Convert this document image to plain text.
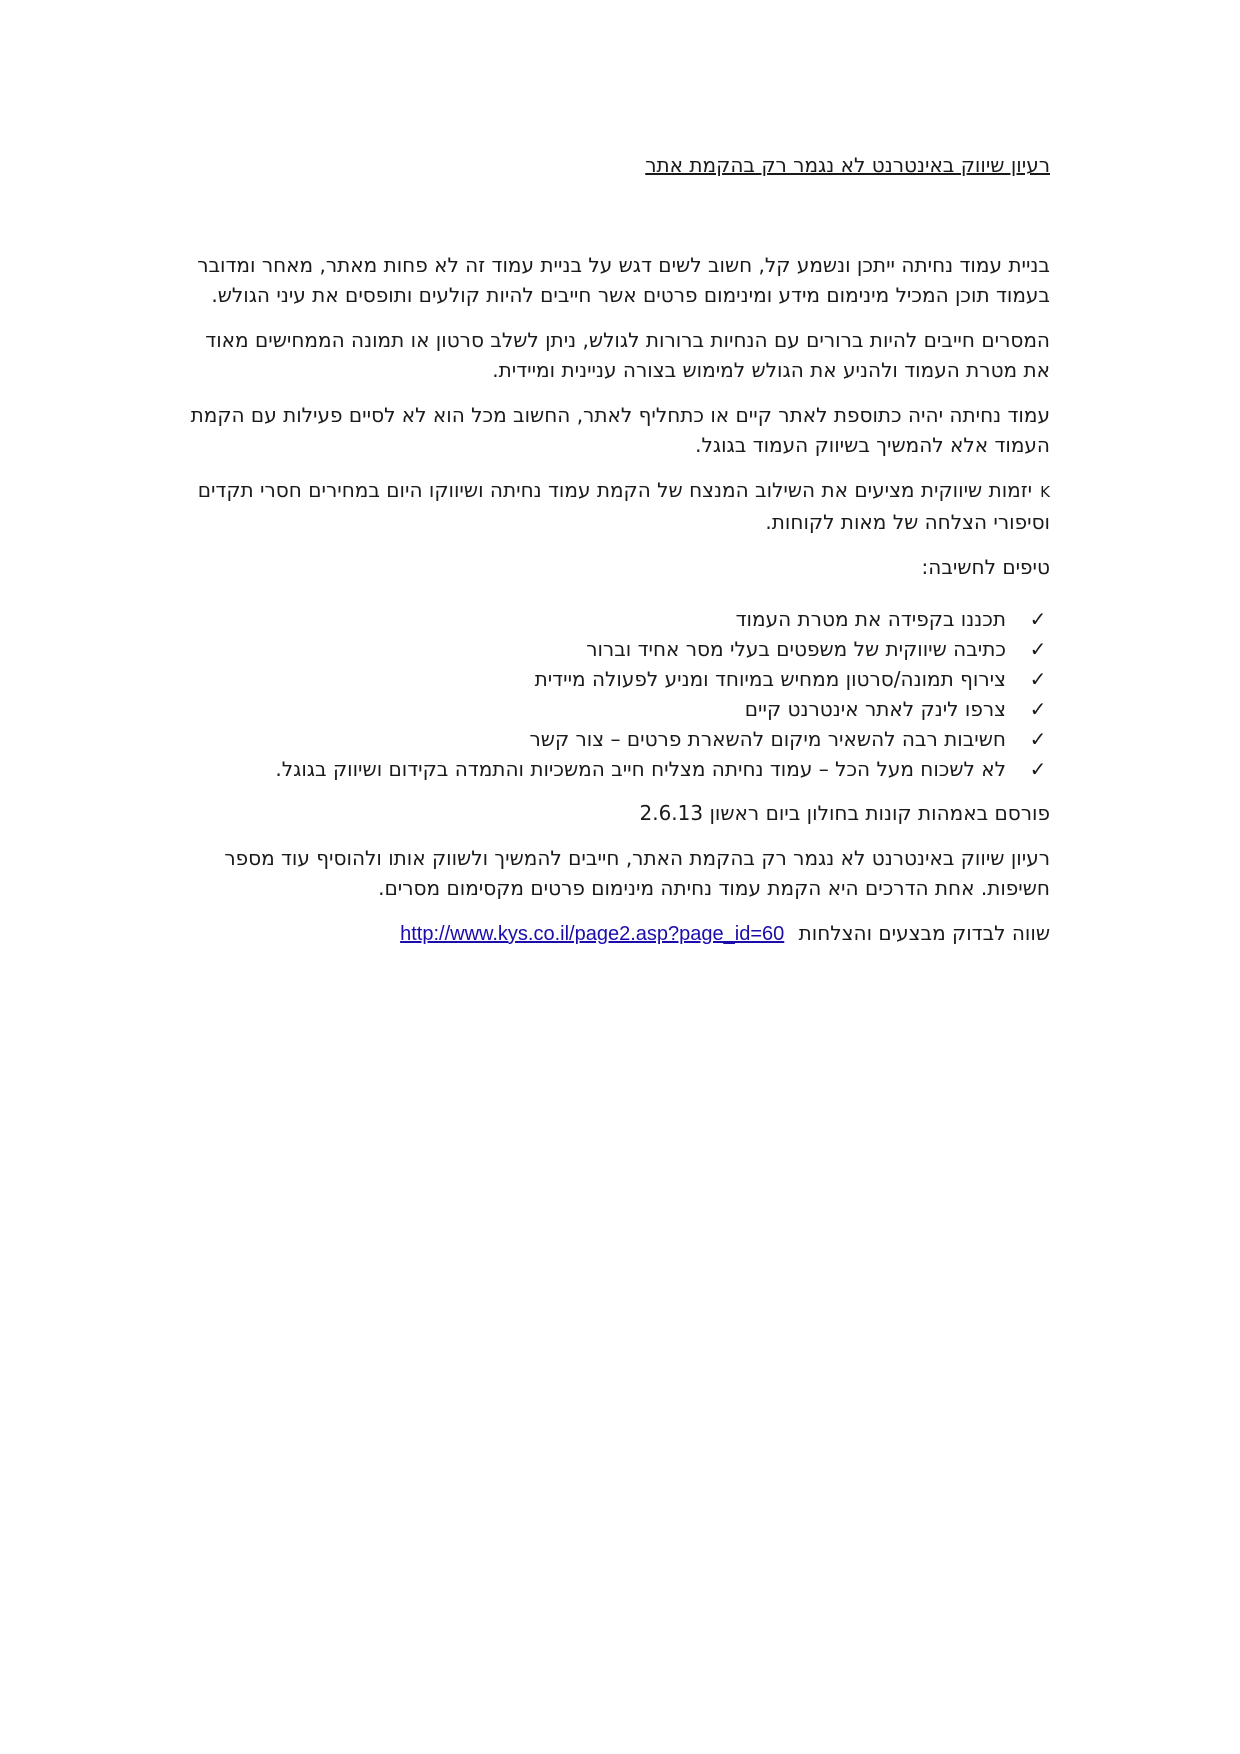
רעיון שיווק באינטרנט לא נגמר רק בהקמת אתר

בניית עמוד נחיתה ייתכן ונשמע קל, חשוב לשים דגש על בניית עמוד זה לא פחות מאתר, מאחר ומדובר בעמוד תוכן המכיל מינימום מידע ומינימום פרטים אשר חייבים להיות קולעים ותופסים את עיני הגולש.

המסרים חייבים להיות ברורים עם הנחיות ברורות לגולש, ניתן לשלב סרטון או תמונה הממחישים מאוד את מטרת העמוד ולהניע את הגולש למימוש בצורה עניינית ומיידית.

עמוד נחיתה יהיה כתוספת לאתר קיים או כתחליף לאתר, החשוב מכל הוא לא לסיים פעילות עם הקמת העמוד אלא להמשיך בשיווק העמוד בגוגל.

Kיזמות שיווקית מציעים את השילוב המנצח של הקמת עמוד נחיתה ושיווקו היום במחירים חסרי תקדים וסיפורי הצלחה של מאות לקוחות.

טיפים לחשיבה:

✓
תכננו בקפידה את מטרת העמוד
✓
כתיבה שיווקית של משפטים בעלי מסר אחיד וברור
✓
צירוף תמונה/סרטון ממחיש במיוחד ומניע לפעולה מיידית
✓
צרפו לינק לאתר אינטרנט קיים
✓
חשיבות רבה להשאיר מיקום להשארת פרטים – צור קשר
✓
לא לשכוח מעל הכל – עמוד נחיתה מצליח חייב המשכיות והתמדה בקידום ושיווק בגוגל.

פורסם באמהות קונות בחולון ביום ראשון 2.6.13

רעיון שיווק באינטרנט לא נגמר רק בהקמת האתר, חייבים להמשיך ולשווק אותו ולהוסיף עוד מספר חשיפות. אחת הדרכים היא הקמת עמוד נחיתה מינימום פרטים מקסימום מסרים.

שווה לבדוק מבצעים והצלחות http://www.kys.co.il/page2.asp?page_id=60
